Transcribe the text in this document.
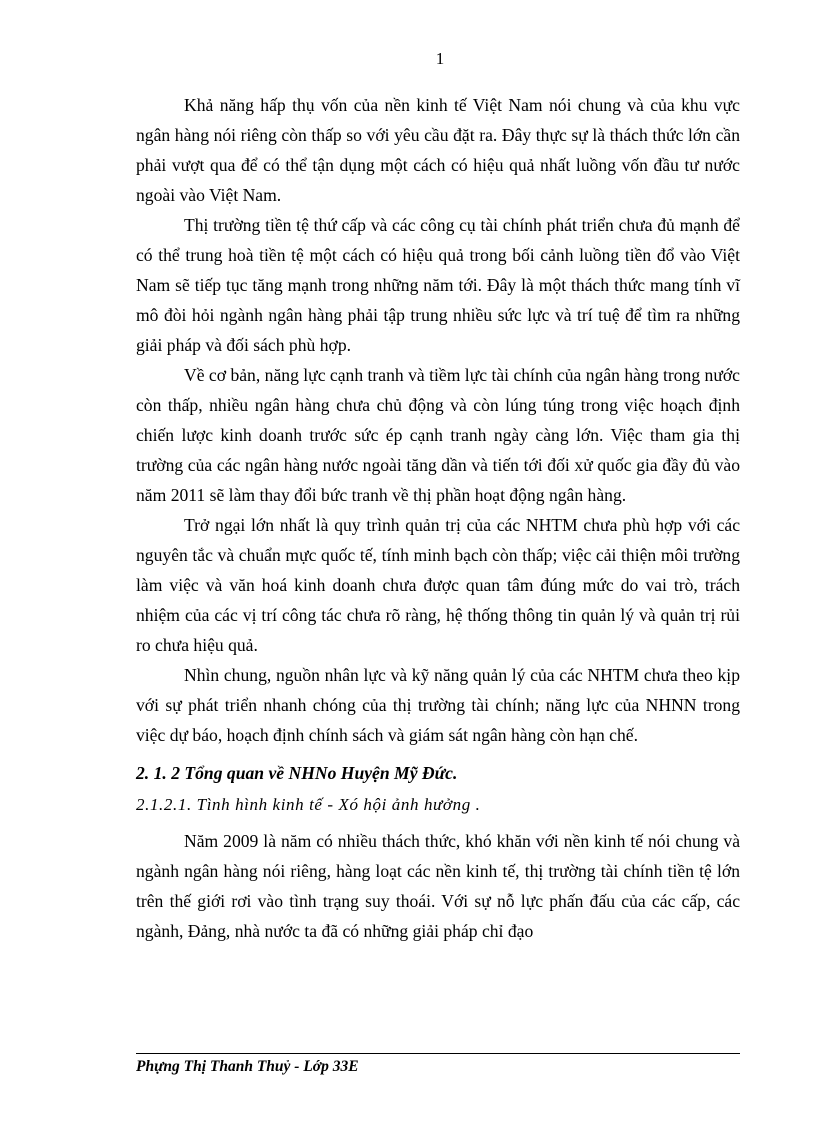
1

Khả năng hấp thụ vốn của nền kinh tế Việt Nam nói chung và của khu vực ngân hàng nói riêng còn thấp so với yêu cầu đặt ra. Đây thực sự là thách thức lớn cần phải vượt qua để có thể tận dụng một cách có hiệu quả nhất luồng vốn đầu tư nước ngoài vào Việt Nam.

Thị trường tiền tệ thứ cấp và các công cụ tài chính phát triển chưa đủ mạnh để có thể trung hoà tiền tệ một cách có hiệu quả trong bối cảnh luồng tiền đổ vào Việt Nam sẽ tiếp tục tăng mạnh trong những năm tới. Đây là một thách thức mang tính vĩ mô đòi hỏi ngành ngân hàng phải tập trung nhiều sức lực và trí tuệ để tìm ra những giải pháp và đối sách phù hợp.

Về cơ bản, năng lực cạnh tranh và tiềm lực tài chính của ngân hàng trong nước còn thấp, nhiều ngân hàng chưa chủ động và còn lúng túng trong việc hoạch định chiến lược kinh doanh trước sức ép cạnh tranh ngày càng lớn. Việc tham gia thị trường của các ngân hàng nước ngoài tăng dần và tiến tới đối xử quốc gia đầy đủ vào năm 2011 sẽ làm thay đổi bức tranh về thị phần hoạt động ngân hàng.

Trở ngại lớn nhất là quy trình quản trị của các NHTM chưa phù hợp với các nguyên tắc và chuẩn mực quốc tế, tính minh bạch còn thấp; việc cải thiện môi trường làm việc và văn hoá kinh doanh chưa được quan tâm đúng mức do vai trò, trách nhiệm của các vị trí công tác chưa rõ ràng, hệ thống thông tin quản lý và quản trị rủi ro chưa hiệu quả.

Nhìn chung, nguồn nhân lực và kỹ năng quản lý của các NHTM chưa theo kịp với sự phát triển nhanh chóng của thị trường tài chính; năng lực của NHNN trong việc dự báo, hoạch định chính sách và giám sát ngân hàng còn hạn chế.

2. 1. 2 Tổng quan về NHNo Huyện Mỹ Đức.
2.1.2.1. Tình hình kinh tế - Xó hội ảnh hưởng .

Năm 2009 là năm có nhiều thách thức, khó khăn với nền kinh tế nói chung và ngành ngân hàng nói riêng, hàng loạt các nền kinh tế, thị trường tài chính tiền tệ lớn trên thế giới rơi vào tình trạng suy thoái. Với sự nỗ lực phấn đấu của các cấp, các ngành, Đảng, nhà nước ta đã có những giải pháp chỉ đạo

Phựng Thị Thanh Thuỷ - Lớp 33E
